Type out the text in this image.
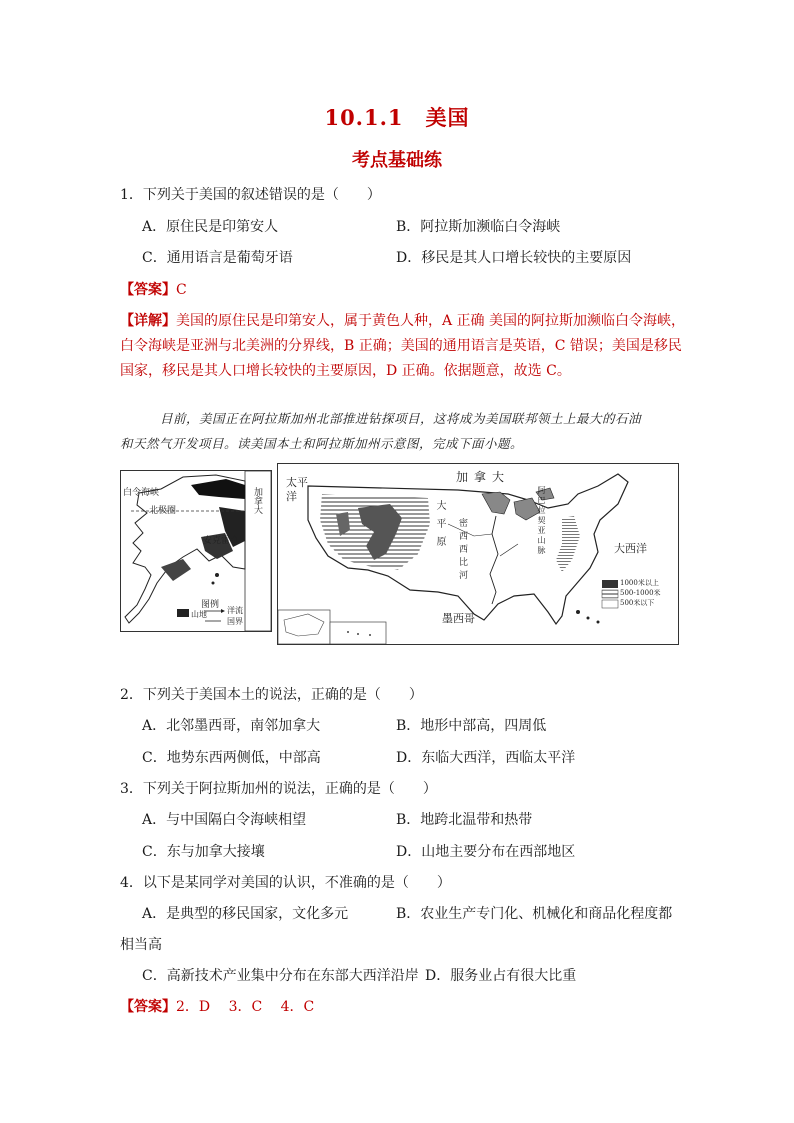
10.1.1　美国
考点基础练
1．下列关于美国的叙述错误的是（　　）
A．原住民是印第安人	B．阿拉斯加濒临白令海峡
C．通用语言是葡萄牙语	D．移民是其人口增长较快的主要原因
【答案】C

【详解】美国的原住民是印第安人，属于黄色人种，A 正确 美国的阿拉斯加濒临白令海峡，

白令海峡是亚洲与北美洲的分界线，B 正确；美国的通用语言是英语，C 错误；美国是移民

国家，移民是其人口增长较快的主要原因，D 正确。依据题意，故选 C。

目前，美国正在阿拉斯加州北部推进钻探项目，这将成为美国联邦领土上最大的石油

和天然气开发项目。读美国本土和阿拉斯加州示意图，完成下面小题。

白令海峡
北极圈	加拿大
安克雷奇
图例
山地	洋流
国界
太平洋
加拿大
大西洋
墨西哥
大平原 密西西比河	阿巴拉契亚山脉
1000米以上
500-1000米
500米以下
2．下列关于美国本土的说法，正确的是（　　）
A．北邻墨西哥，南邻加拿大	B．地形中部高，四周低
C．地势东西两侧低，中部高	D．东临大西洋，西临太平洋
3．下列关于阿拉斯加州的说法，正确的是（　　）
A．与中国隔白令海峡相望	B．地跨北温带和热带
C．东与加拿大接壤	D．山地主要分布在西部地区
4．以下是某同学对美国的认识，不准确的是（　　）
A．是典型的移民国家，文化多元	B．农业生产专门化、机械化和商品化程度都
相当高
C．高新技术产业集中分布在东部大西洋沿岸 D．服务业占有很大比重
【答案】2．D　 3．C　 4．C
